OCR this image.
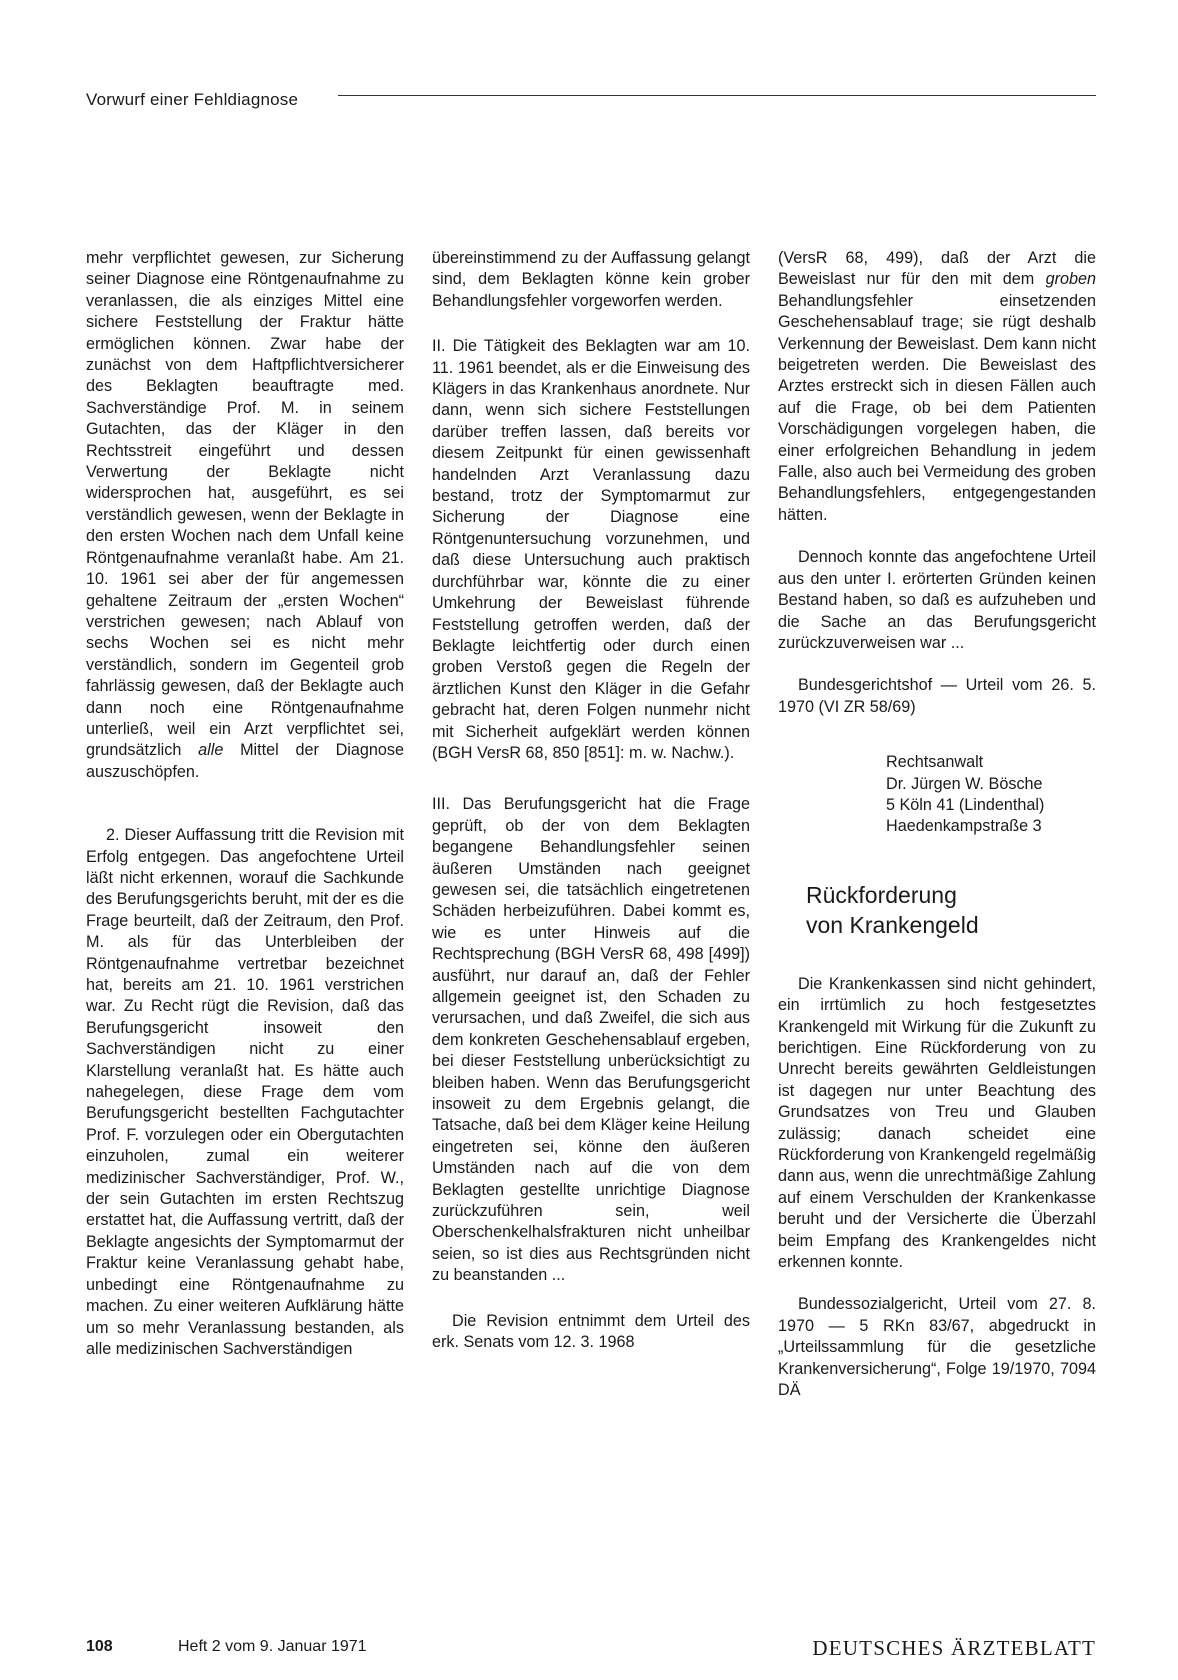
Vorwurf einer Fehldiagnose

mehr verpflichtet gewesen, zur Sicherung seiner Diagnose eine Röntgenaufnahme zu veranlassen, die als einziges Mittel eine sichere Feststellung der Fraktur hätte ermöglichen können. Zwar habe der zunächst von dem Haftpflichtversicherer des Beklagten beauftragte med. Sachverständige Prof. M. in seinem Gutachten, das der Kläger in den Rechtsstreit eingeführt und dessen Verwertung der Beklagte nicht widersprochen hat, ausgeführt, es sei verständlich gewesen, wenn der Beklagte in den ersten Wochen nach dem Unfall keine Röntgenaufnahme veranlaßt habe. Am 21. 10. 1961 sei aber der für angemessen gehaltene Zeitraum der „ersten Wochen“ verstrichen gewesen; nach Ablauf von sechs Wochen sei es nicht mehr verständlich, sondern im Gegenteil grob fahrlässig gewesen, daß der Beklagte auch dann noch eine Röntgenaufnahme unterließ, weil ein Arzt verpflichtet sei, grundsätzlich alle Mittel der Diagnose auszuschöpfen.

2. Dieser Auffassung tritt die Revision mit Erfolg entgegen. Das angefochtene Urteil läßt nicht erkennen, worauf die Sachkunde des Berufungsgerichts beruht, mit der es die Frage beurteilt, daß der Zeitraum, den Prof. M. als für das Unterbleiben der Röntgenaufnahme vertretbar bezeichnet hat, bereits am 21. 10. 1961 verstrichen war. Zu Recht rügt die Revision, daß das Berufungsgericht insoweit den Sachverständigen nicht zu einer Klarstellung veranlaßt hat. Es hätte auch nahegelegen, diese Frage dem vom Berufungsgericht bestellten Fachgutachter Prof. F. vorzulegen oder ein Obergutachten einzuholen, zumal ein weiterer medizinischer Sachverständiger, Prof. W., der sein Gutachten im ersten Rechtszug erstattet hat, die Auffassung vertritt, daß der Beklagte angesichts der Symptomarmut der Fraktur keine Veranlassung gehabt habe, unbedingt eine Röntgenaufnahme zu machen. Zu einer weiteren Aufklärung hätte um so mehr Veranlassung bestanden, als alle medizinischen Sachverständigen

übereinstimmend zu der Auffassung gelangt sind, dem Beklagten könne kein grober Behandlungsfehler vorgeworfen werden.

II. Die Tätigkeit des Beklagten war am 10. 11. 1961 beendet, als er die Einweisung des Klägers in das Krankenhaus anordnete. Nur dann, wenn sich sichere Feststellungen darüber treffen lassen, daß bereits vor diesem Zeitpunkt für einen gewissenhaft handelnden Arzt Veranlassung dazu bestand, trotz der Symptomarmut zur Sicherung der Diagnose eine Röntgenuntersuchung vorzunehmen, und daß diese Untersuchung auch praktisch durchführbar war, könnte die zu einer Umkehrung der Beweislast führende Feststellung getroffen werden, daß der Beklagte leichtfertig oder durch einen groben Verstoß gegen die Regeln der ärztlichen Kunst den Kläger in die Gefahr gebracht hat, deren Folgen nunmehr nicht mit Sicherheit aufgeklärt werden können (BGH VersR 68, 850 [851]: m. w. Nachw.).

III. Das Berufungsgericht hat die Frage geprüft, ob der von dem Beklagten begangene Behandlungsfehler seinen äußeren Umständen nach geeignet gewesen sei, die tatsächlich eingetretenen Schäden herbeizuführen. Dabei kommt es, wie es unter Hinweis auf die Rechtsprechung (BGH VersR 68, 498 [499]) ausführt, nur darauf an, daß der Fehler allgemein geeignet ist, den Schaden zu verursachen, und daß Zweifel, die sich aus dem konkreten Geschehensablauf ergeben, bei dieser Feststellung unberücksichtigt zu bleiben haben. Wenn das Berufungsgericht insoweit zu dem Ergebnis gelangt, die Tatsache, daß bei dem Kläger keine Heilung eingetreten sei, könne den äußeren Umständen nach auf die von dem Beklagten gestellte unrichtige Diagnose zurückzuführen sein, weil Oberschenkelhalsfrakturen nicht unheilbar seien, so ist dies aus Rechtsgründen nicht zu beanstanden ...

Die Revision entnimmt dem Urteil des erk. Senats vom 12. 3. 1968

(VersR 68, 499), daß der Arzt die Beweislast nur für den mit dem groben Behandlungsfehler einsetzenden Geschehensablauf trage; sie rügt deshalb Verkennung der Beweislast. Dem kann nicht beigetreten werden. Die Beweislast des Arztes erstreckt sich in diesen Fällen auch auf die Frage, ob bei dem Patienten Vorschädigungen vorgelegen haben, die einer erfolgreichen Behandlung in jedem Falle, also auch bei Vermeidung des groben Behandlungsfehlers, entgegengestanden hätten.

Dennoch konnte das angefochtene Urteil aus den unter I. erörterten Gründen keinen Bestand haben, so daß es aufzuheben und die Sache an das Berufungsgericht zurückzuverweisen war ...

Bundesgerichtshof — Urteil vom 26. 5. 1970 (VI ZR 58/69)

Rechtsanwalt
Dr. Jürgen W. Bösche
5 Köln 41 (Lindenthal)
Haedenkampstraße 3

Rückforderung
von Krankengeld

Die Krankenkassen sind nicht gehindert, ein irrtümlich zu hoch festgesetztes Krankengeld mit Wirkung für die Zukunft zu berichtigen. Eine Rückforderung von zu Unrecht bereits gewährten Geldleistungen ist dagegen nur unter Beachtung des Grundsatzes von Treu und Glauben zulässig; danach scheidet eine Rückforderung von Krankengeld regelmäßig dann aus, wenn die unrechtmäßige Zahlung auf einem Verschulden der Krankenkasse beruht und der Versicherte die Überzahl beim Empfang des Krankengeldes nicht erkennen konnte.

Bundessozialgericht, Urteil vom 27. 8. 1970 — 5 RKn 83/67, abgedruckt in „Urteilssammlung für die gesetzliche Krankenversicherung“, Folge 19/1970, 7094 DÄ

108	Heft 2 vom 9. Januar 1971	DEUTSCHES ÄRZTEBLATT
